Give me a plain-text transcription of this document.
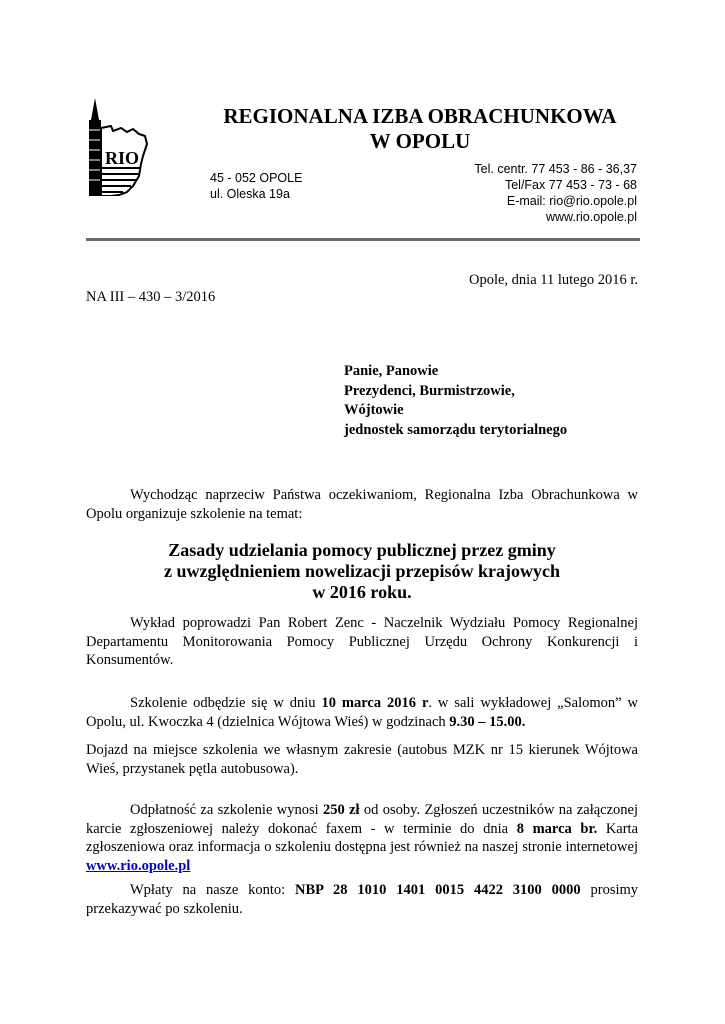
RIO
REGIONALNA IZBA OBRACHUNKOWA
W OPOLU
45 - 052 OPOLE
ul. Oleska 19a
Tel. centr. 77 453 - 86 - 36,37
Tel/Fax 77 453 - 73 - 68
E-mail: rio@rio.opole.pl
www.rio.opole.pl
Opole, dnia 11 lutego 2016 r.
NA III – 430 – 3/2016
Panie, Panowie
Prezydenci, Burmistrzowie,
Wójtowie
jednostek samorządu terytorialnego

Wychodząc naprzeciw Państwa oczekiwaniom, Regionalna Izba Obrachunkowa w Opolu organizuje szkolenie na temat:

Zasady udzielania pomocy publicznej przez gminy
z uwzględnieniem nowelizacji przepisów krajowych
w 2016 roku.

Wykład poprowadzi Pan Robert Zenc - Naczelnik Wydziału Pomocy Regionalnej Departamentu Monitorowania Pomocy Publicznej Urzędu Ochrony Konkurencji i Konsumentów.

Szkolenie odbędzie się w dniu 10 marca 2016 r. w sali wykładowej „Salomon” w Opolu, ul. Kwoczka 4 (dzielnica Wójtowa Wieś) w godzinach 9.30 – 15.00.

Dojazd na miejsce szkolenia we własnym zakresie (autobus MZK nr 15 kierunek Wójtowa Wieś, przystanek pętla autobusowa).

Odpłatność za szkolenie wynosi 250 zł od osoby. Zgłoszeń uczestników na załączonej karcie zgłoszeniowej należy dokonać faxem - w terminie do dnia 8 marca br. Karta zgłoszeniowa oraz informacja o szkoleniu dostępna jest również na naszej stronie internetowej www.rio.opole.pl

Wpłaty na nasze konto: NBP 28 1010 1401 0015 4422 3100 0000 prosimy przekazywać po szkoleniu.
